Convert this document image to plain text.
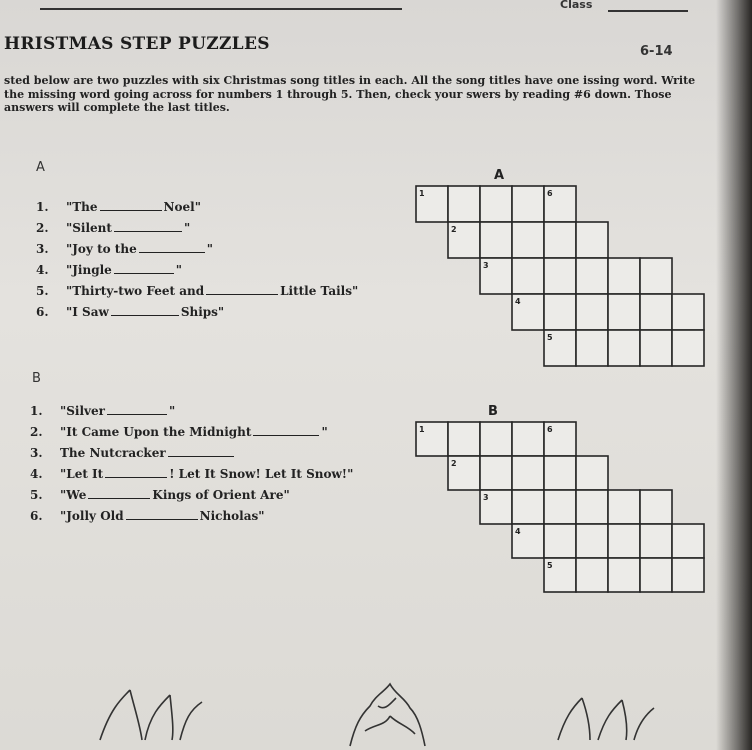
Class
HRISTMAS STEP PUZZLES	6-14
sted below are two puzzles with six Christmas song titles in each. All the song titles have one issing word. Write the missing word going across for numbers 1 through 5. Then, check your swers by reading #6 down. Those answers will complete the last titles.
A
1.	"The	Noel"
2.	"Silent	"
3.	"Joy to the	"
4.	"Jingle	"
5.	"Thirty-two Feet and	Little Tails"
6.	"I Saw	Ships"
B
1.	"Silver	"
2.	"It Came Upon the Midnight	"
3.	The Nutcracker
4.	"Let It	! Let It Snow! Let It Snow!"
5.	"We	Kings of Orient Are"
6.	"Jolly Old	Nicholas"
A
1
2
3
4
5
6
B
1
2
3
4
5
6
